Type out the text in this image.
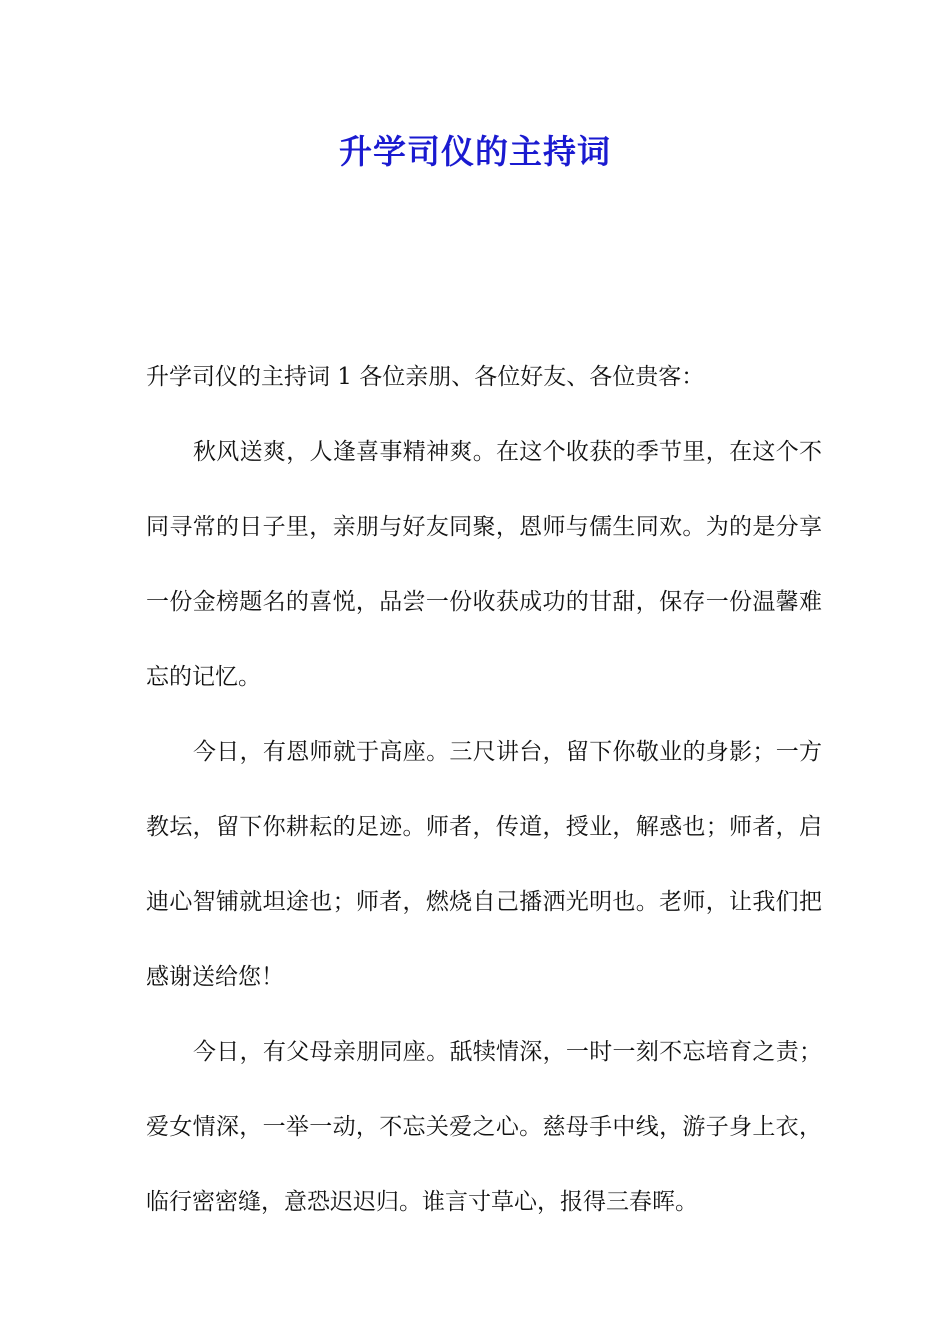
升学司仪的主持词

升学司仪的主持词 1 各位亲朋、各位好友、各位贵客：

秋风送爽，人逢喜事精神爽。在这个收获的季节里，在这个不同寻常的日子里，亲朋与好友同聚，恩师与儒生同欢。为的是分享一份金榜题名的喜悦，品尝一份收获成功的甘甜，保存一份温馨难忘的记忆。

今日，有恩师就于高座。三尺讲台，留下你敬业的身影；一方教坛，留下你耕耘的足迹。师者，传道，授业，解惑也；师者，启迪心智铺就坦途也；师者，燃烧自己播洒光明也。老师，让我们把感谢送给您！

今日，有父母亲朋同座。舐犊情深，一时一刻不忘培育之责；爱女情深，一举一动，不忘关爱之心。慈母手中线，游子身上衣，临行密密缝，意恐迟迟归。谁言寸草心，报得三春晖。
